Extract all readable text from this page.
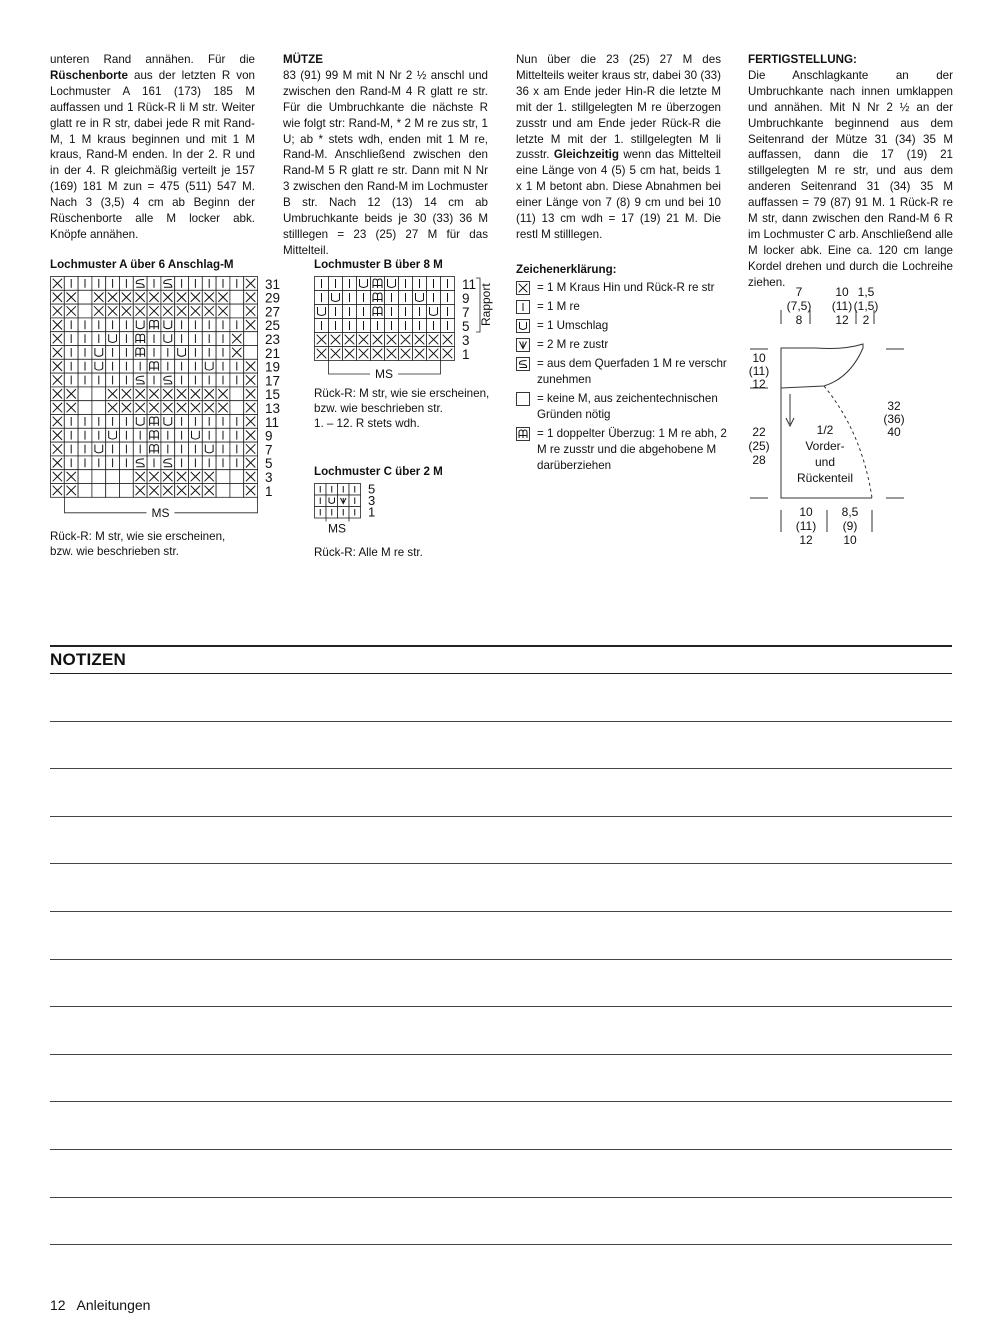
unteren Rand annähen. Für die Rüschenborte aus der letzten R von Lochmuster A 161 (173) 185 M auffassen und 1 Rück-R li M str. Weiter glatt re in R str, dabei jede R mit Rand-M, 1 M kraus beginnen und mit 1 M kraus, Rand-M enden. In der 2. R und in der 4. R gleichmäßig verteilt je 157 (169) 181 M zun = 475 (511) 547 M. Nach 3 (3,5) 4 cm ab Beginn der Rüschenborte alle M locker abk. Knöpfe annähen.

MÜTZE

83 (91) 99 M mit N Nr 2 ½ anschl und zwischen den Rand-M 4 R glatt re str. Für die Umbruchkante die nächste R wie folgt str: Rand-M, * 2 M re zus str, 1 U; ab * stets wdh, enden mit 1 M re, Rand-M. Anschließend zwischen den Rand-M 5 R glatt re str. Dann mit N Nr 3 zwischen den Rand-M im Lochmuster B str. Nach 12 (13) 14 cm ab Umbruchkante beids je 30 (33) 36 M stilllegen = 23 (25) 27 M für das Mittelteil.

Nun über die 23 (25) 27 M des Mittelteils weiter kraus str, dabei 30 (33) 36 x am Ende jeder Hin-R die letzte M mit der 1. stillgelegten M re überzogen zusstr und am Ende jeder Rück-R die letzte M mit der 1. stillgelegten M li zusstr. Gleichzeitig wenn das Mittelteil eine Länge von 4 (5) 5 cm hat, beids 1 x 1 M betont abn. Diese Abnahmen bei einer Länge von 7 (8) 9 cm und bei 10 (11) 13 cm wdh = 17 (19) 21 M. Die restl M stilllegen.

FERTIGSTELLUNG:

Die Anschlagkante an der Umbruchkante nach innen umklappen und annähen. Mit N Nr 2 ½ an der Umbruchkante beginnend aus dem Seitenrand der Mütze 31 (34) 35 M auffassen, dann die 17 (19) 21 stillgelegten M re str, und aus dem anderen Seitenrand 31 (34) 35 M auffassen = 79 (87) 91 M. 1 Rück-R re M str, dann zwischen den Rand-M 6 R im Lochmuster C arb. Anschließend alle M locker abk. Eine ca. 120 cm lange Kordel drehen und durch die Lochreihe ziehen.

Lochmuster A über 6 Anschlag-M
31
29
27
25
23
21
19
17
15
13
11
9
7
5
3
1
MS
Rück-R: M str, wie sie erscheinen,
bzw. wie beschrieben str.
Lochmuster B über 8 M
11
9
7
5
3
1
MS
Rapport
Rück-R: M str, wie sie erscheinen,
bzw. wie beschrieben str.
1. – 12. R stets wdh.
Lochmuster C über 2 M
5
3
1
MS
Rück-R: Alle M re str.
Zeichenerklärung:
= 1 M Kraus Hin und Rück-R re str
= 1 M re
= 1 Umschlag
= 2 M re zustr
= aus dem Querfaden 1 M re verschr zunehmen
= keine M, aus zeichentechnischen Gründen nötig
= 1 doppelter Überzug: 1 M re abh, 2 M re zusstr und die abgehobene M darüberziehen
7
(7,5)
8
10
(11)
12
1,5
(1,5)
2
10
(11)
12
22
(25)
28
32
(36)
40
10
(11)
12
8,5
(9)
10
1/2
Vorder-
und
Rückenteil
NOTIZEN
12 Anleitungen
